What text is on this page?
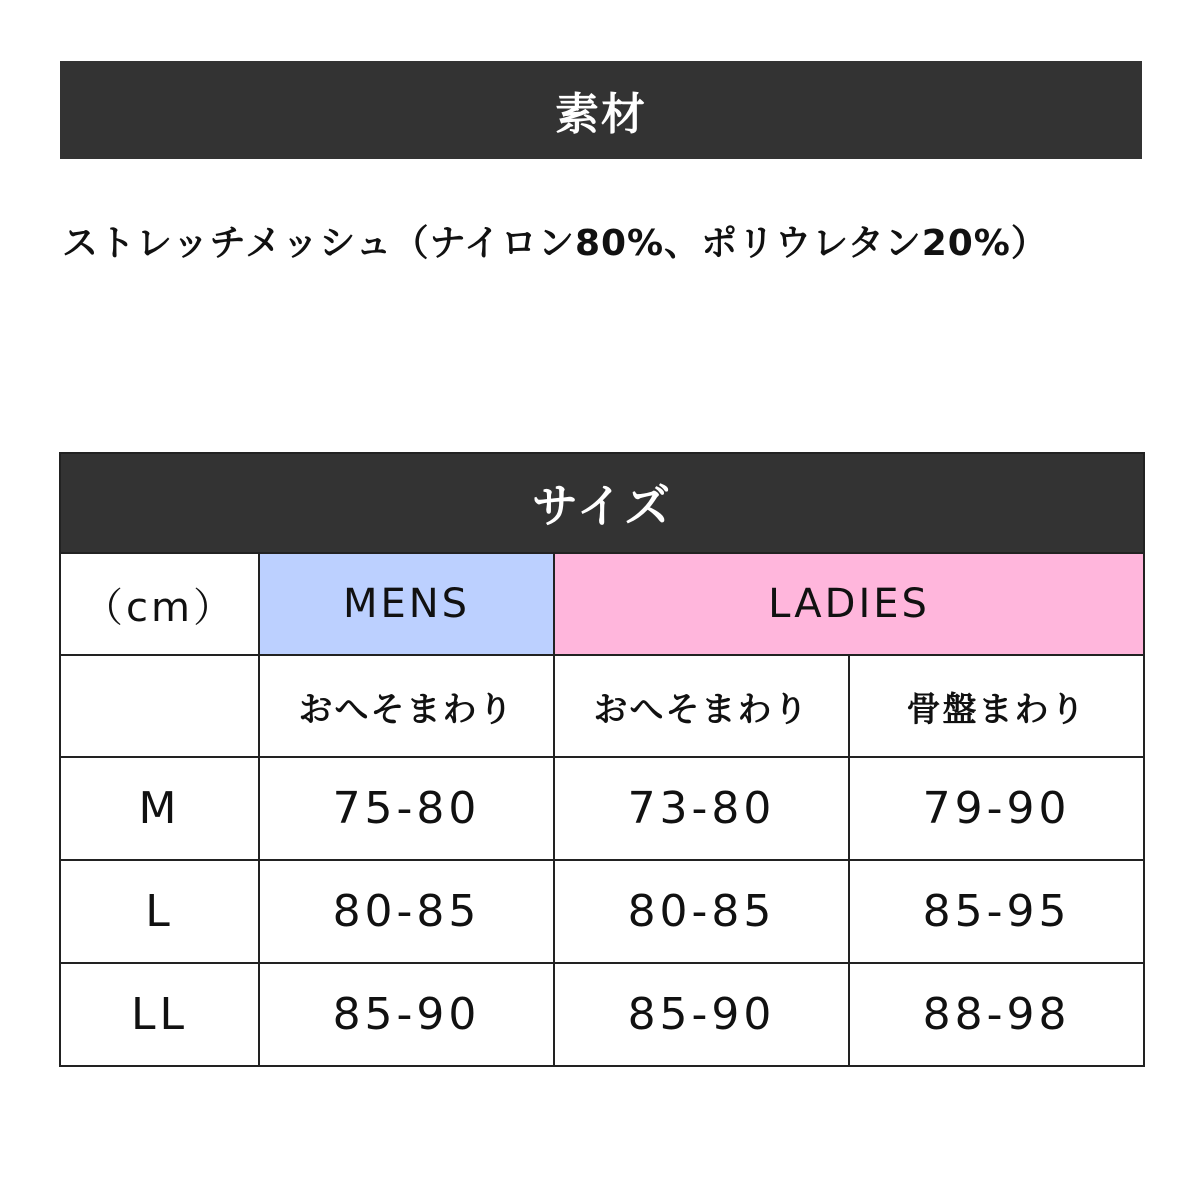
素材
ストレッチメッシュ（ナイロン80%、ポリウレタン20%）
サイズ			
（cm）	MENS	LADIES	
	おへそまわり	おへそまわり	骨盤まわり
M	75-80	73-80	79-90
L	80-85	80-85	85-95
LL	85-90	85-90	88-98
